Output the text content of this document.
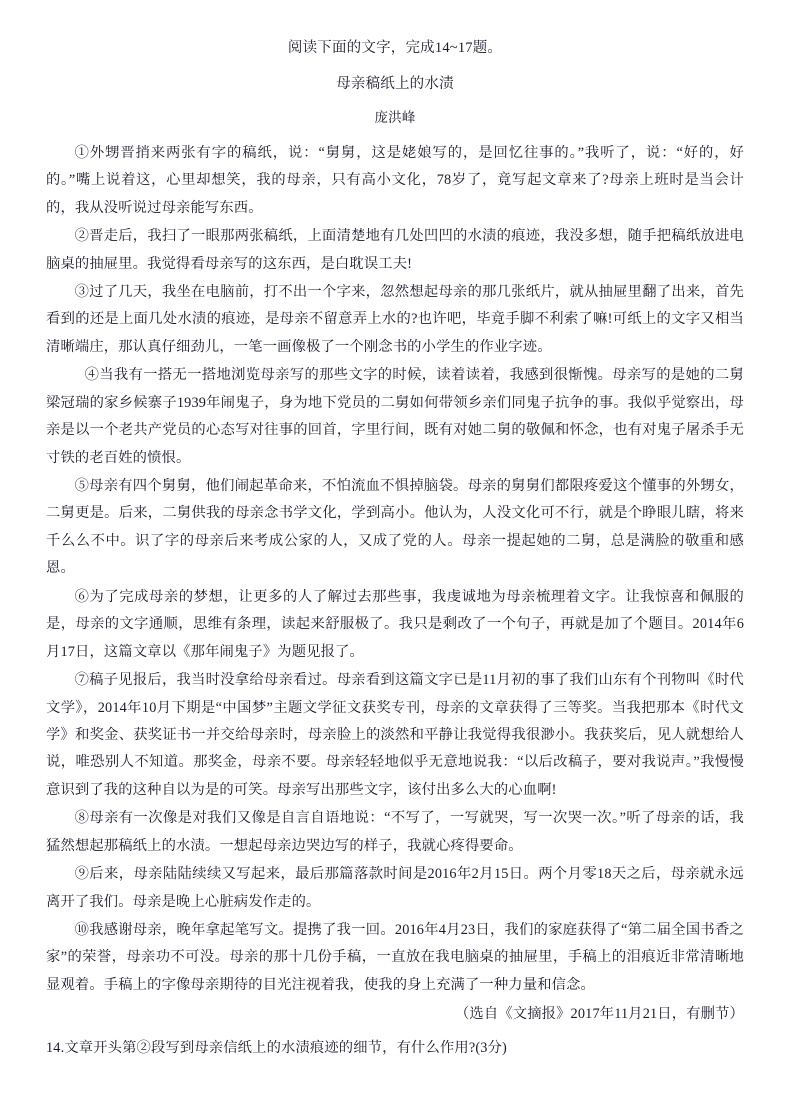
阅读下面的文字，完成14~17题。

母亲稿纸上的水渍

庞洪峰

①外甥晋捎来两张有字的稿纸，说：“舅舅，这是姥娘写的，是回忆往事的。”我听了，说：“好的，好的。”嘴上说着这，心里却想笑，我的母亲，只有高小文化，78岁了，竟写起文章来了?母亲上班时是当会计的，我从没听说过母亲能写东西。

②晋走后，我扫了一眼那两张稿纸，上面清楚地有几处凹凹的水渍的痕迹，我没多想，随手把稿纸放进电脑桌的抽屉里。我觉得看母亲写的这东西，是白耽误工夫!

③过了几天，我坐在电脑前，打不出一个字来，忽然想起母亲的那几张纸片，就从抽屉里翻了出来，首先看到的还是上面几处水渍的痕迹，是母亲不留意弄上水的?也许吧，毕竟手脚不利索了嘛!可纸上的文字又相当清晰端庄，那认真仔细劲儿，一笔一画像极了一个刚念书的小学生的作业字迹。

④当我有一搭无一搭地浏览母亲写的那些文字的时候，读着读着，我感到很惭愧。母亲写的是她的二舅梁冠瑞的家乡候寨子1939年闹鬼子，身为地下党员的二舅如何带领乡亲们同鬼子抗争的事。我似乎觉察出，母亲是以一个老共产党员的心态写对往事的回首，字里行间，既有对她二舅的敬佩和怀念，也有对鬼子屠杀手无寸铁的老百姓的愤恨。

⑤母亲有四个舅舅，他们闹起革命来，不怕流血不惧掉脑袋。母亲的舅舅们都限疼爱这个懂事的外甥女，二舅更是。后来，二舅供我的母亲念书学文化，学到高小。他认为，人没文化可不行，就是个睁眼儿瞎，将来千么么不中。识了字的母亲后来考成公家的人，又成了党的人。母亲一提起她的二舅，总是满脸的敬重和感恩。

⑥为了完成母亲的梦想，让更多的人了解过去那些事，我虔诚地为母亲梳理着文字。让我惊喜和佩服的是，母亲的文字通顺，思维有条理，读起来舒服极了。我只是剩改了一个句子，再就是加了个题目。2014年6月17日，这篇文章以《那年闹鬼子》为题见报了。

⑦稿子见报后，我当时没拿给母亲看过。母亲看到这篇文字已是11月初的事了我们山东有个刊物叫《时代文学》，2014年10月下期是“中国梦”主题文学征文获奖专刊，母亲的文章获得了三等奖。当我把那本《时代文学》和奖金、获奖证书一并交给母亲时，母亲脸上的淡然和平静让我觉得我很渺小。我获奖后，见人就想给人说，唯恐别人不知道。那奖金，母亲不要。母亲轻轻地似乎无意地说我：“以后改稿子，要对我说声。”我慢慢意识到了我的这种自以为是的可笑。母亲写出那些文字，该付出多么大的心血啊!

⑧母亲有一次像是对我们又像是自言自语地说：“不写了，一写就哭，写一次哭一次。”听了母亲的话，我猛然想起那稿纸上的水渍。一想起母亲边哭边写的样子，我就心疼得要命。

⑨后来，母亲陆陆续续又写起来，最后那篇落款时间是2016年2月15日。两个月零18天之后，母亲就永远离开了我们。母亲是晚上心脏病发作走的。

⑩我感谢母亲，晚年拿起笔写文。提携了我一回。2016年4月23日，我们的家庭获得了“第二届全国书香之家”的荣誉，母亲功不可没。母亲的那十几份手稿，一直放在我电脑桌的抽屉里，手稿上的泪痕近非常清晰地显观着。手稿上的字像母亲期待的目光注视着我，使我的身上充满了一种力量和信念。

（选自《文摘报》2017年11月21日，有删节）

14.文章开头第②段写到母亲信纸上的水渍痕迹的细节，有什么作用?(3分)
